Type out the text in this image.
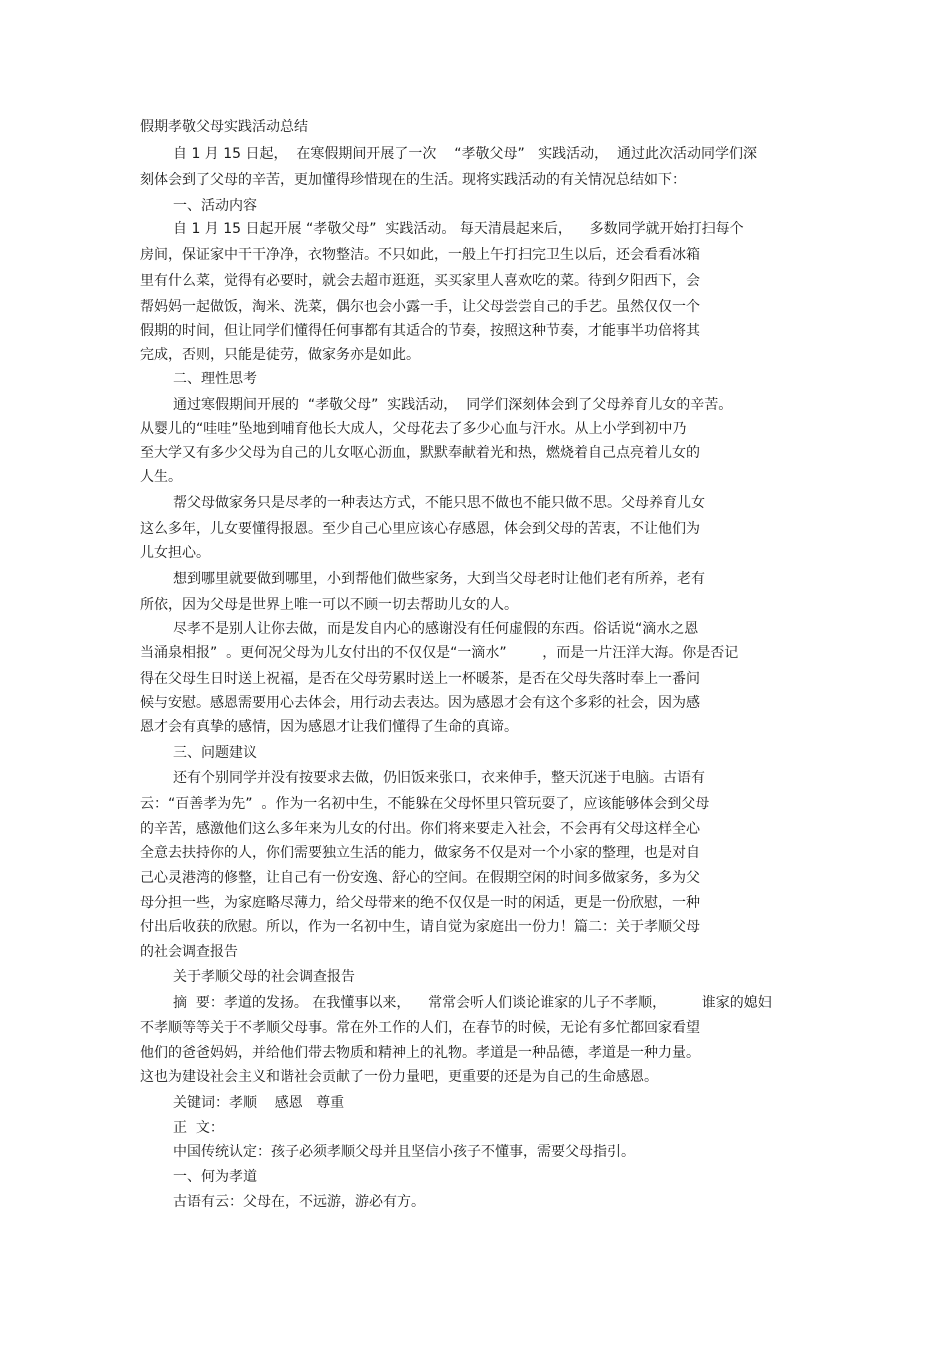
假期孝敬父母实践活动总结
自 1 月 15 日起，  在寒假期间开展了一次    “孝敬父母”   实践活动，  通过此次活动同学们深
刻体会到了父母的辛苦，更加懂得珍惜现在的生活。现将实践活动的有关情况总结如下：
一、活动内容
自 1 月 15 日起开展 “孝敬父母”  实践活动。 每天清晨起来后，    多数同学就开始打扫每个
房间，保证家中干干净净，衣物整洁。不只如此，一般上午打扫完卫生以后，还会看看冰箱
里有什么菜，觉得有必要时，就会去超市逛逛，买买家里人喜欢吃的菜。待到夕阳西下，会
帮妈妈一起做饭，淘米、洗菜，偶尔也会小露一手，让父母尝尝自己的手艺。虽然仅仅一个
假期的时间，但让同学们懂得任何事都有其适合的节奏，按照这种节奏，才能事半功倍将其
完成，否则，只能是徒劳，做家务亦是如此。
二、理性思考
通过寒假期间开展的  “孝敬父母”  实践活动，  同学们深刻体会到了父母养育儿女的辛苦。
从婴儿的“哇哇”坠地到哺育他长大成人，父母花去了多少心血与汗水。从上小学到初中乃
至大学又有多少父母为自己的儿女呕心沥血，默默奉献着光和热，燃烧着自己点亮着儿女的
人生。
帮父母做家务只是尽孝的一种表达方式，不能只思不做也不能只做不思。父母养育儿女
这么多年，儿女要懂得报恩。至少自己心里应该心存感恩，体会到父母的苦衷，不让他们为
儿女担心。
想到哪里就要做到哪里，小到帮他们做些家务，大到当父母老时让他们老有所养，老有
所依，因为父母是世界上唯一可以不顾一切去帮助儿女的人。
尽孝不是别人让你去做，而是发自内心的感谢没有任何虚假的东西。俗话说“滴水之恩
当涌泉相报”  。更何况父母为儿女付出的不仅仅是“一滴水”        ，而是一片汪洋大海。你是否记
得在父母生日时送上祝福，是否在父母劳累时送上一杯暖茶，是否在父母失落时奉上一番问
候与安慰。感恩需要用心去体会，用行动去表达。因为感恩才会有这个多彩的社会，因为感
恩才会有真挚的感情，因为感恩才让我们懂得了生命的真谛。
三、问题建议
还有个别同学并没有按要求去做，仍旧饭来张口，衣来伸手，整天沉迷于电脑。古语有
云：“百善孝为先”  。作为一名初中生，不能躲在父母怀里只管玩耍了，应该能够体会到父母
的辛苦，感激他们这么多年来为儿女的付出。你们将来要走入社会，不会再有父母这样全心
全意去扶持你的人，你们需要独立生活的能力，做家务不仅是对一个小家的整理，也是对自
己心灵港湾的修整，让自己有一份安逸、舒心的空间。在假期空闲的时间多做家务，多为父
母分担一些，为家庭略尽薄力，给父母带来的绝不仅仅是一时的闲适，更是一份欣慰，一种
付出后收获的欣慰。所以，作为一名初中生，请自觉为家庭出一份力！篇二：关于孝顺父母
的社会调查报告
关于孝顺父母的社会调查报告
摘  要：孝道的发扬。 在我懂事以来，    常常会听人们谈论谁家的儿子不孝顺，        谁家的媳妇
不孝顺等等关于不孝顺父母事。常在外工作的人们，在春节的时候，无论有多忙都回家看望
他们的爸爸妈妈，并给他们带去物质和精神上的礼物。孝道是一种品德，孝道是一种力量。
这也为建设社会主义和谐社会贡献了一份力量吧，更重要的还是为自己的生命感恩。
关键词：孝顺    感恩   尊重
正  文：
中国传统认定：孩子必须孝顺父母并且坚信小孩子不懂事，需要父母指引。
一、何为孝道
古语有云：父母在，不远游，游必有方。
